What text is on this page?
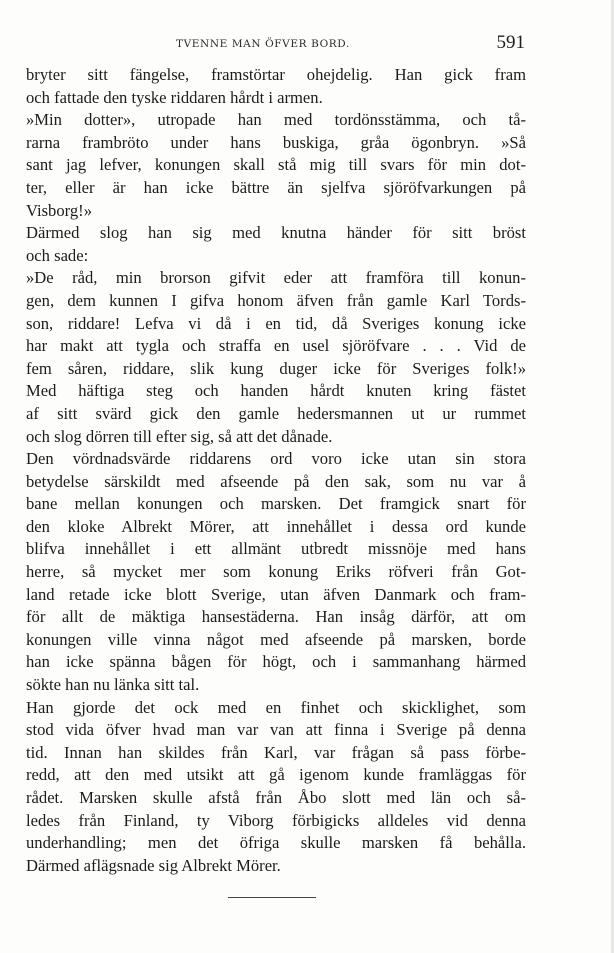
TVENNE MAN ÖFVER BORD.	591
bryter sitt fängelse, framstörtar ohejdelig. Han gick fram
och fattade den tyske riddaren hårdt i armen.
»Min dotter», utropade han med tordönsstämma, och tå-
rarna frambröto under hans buskiga, gråa ögonbryn. »Så
sant jag lefver, konungen skall stå mig till svars för min dot-
ter, eller är han icke bättre än sjelfva sjöröfvarkungen på
Visborg!»
Därmed slog han sig med knutna händer för sitt bröst
och sade:
»De råd, min brorson gifvit eder att framföra till konun-
gen, dem kunnen I gifva honom äfven från gamle Karl Tords-
son, riddare! Lefva vi då i en tid, då Sveriges konung icke
har makt att tygla och straffa en usel sjöröfvare . . . Vid de
fem såren, riddare, slik kung duger icke för Sveriges folk!»
Med häftiga steg och handen hårdt knuten kring fästet
af sitt svärd gick den gamle hedersmannen ut ur rummet
och slog dörren till efter sig, så att det dånade.
Den vördnadsvärde riddarens ord voro icke utan sin stora
betydelse särskildt med afseende på den sak, som nu var å
bane mellan konungen och marsken. Det framgick snart för
den kloke Albrekt Mörer, att innehållet i dessa ord kunde
blifva innehållet i ett allmänt utbredt missnöje med hans
herre, så mycket mer som konung Eriks röfveri från Got-
land retade icke blott Sverige, utan äfven Danmark och fram-
för allt de mäktiga hansestäderna. Han insåg därför, att om
konungen ville vinna något med afseende på marsken, borde
han icke spänna bågen för högt, och i sammanhang härmed
sökte han nu länka sitt tal.
Han gjorde det ock med en finhet och skicklighet, som
stod vida öfver hvad man var van att finna i Sverige på denna
tid. Innan han skildes från Karl, var frågan så pass förbe-
redd, att den med utsikt att gå igenom kunde framläggas för
rådet. Marsken skulle afstå från Åbo slott med län och så-
ledes från Finland, ty Viborg förbigicks alldeles vid denna
underhandling; men det öfriga skulle marsken få behålla.
Därmed aflägsnade sig Albrekt Mörer.
